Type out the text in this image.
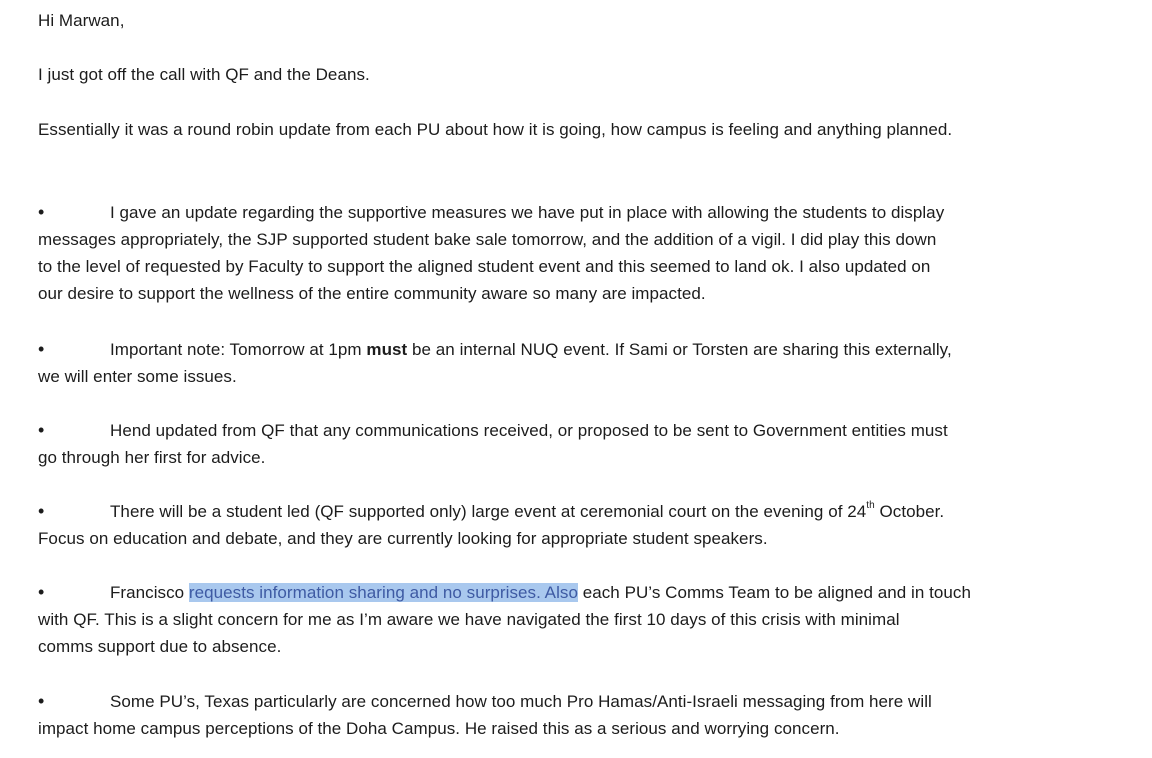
Hi Marwan,
I just got off the call with QF and the Deans.
Essentially it was a round robin update from each PU about how it is going, how campus is feeling and anything planned.
•	I gave an update regarding the supportive measures we have put in place with allowing the students to display
messages appropriately, the SJP supported student bake sale tomorrow, and the addition of a vigil. I did play this down
to the level of requested by Faculty to support the aligned student event and this seemed to land ok. I also updated on
our desire to support the wellness of the entire community aware so many are impacted.
•	Important note: Tomorrow at 1pm must be an internal NUQ event. If Sami or Torsten are sharing this externally,
we will enter some issues.
•	Hend updated from QF that any communications received, or proposed to be sent to Government entities must
go through her first for advice.
•	There will be a student led (QF supported only) large event at ceremonial court on the evening of 24th October.
Focus on education and debate, and they are currently looking for appropriate student speakers.
•	Francisco requests information sharing and no surprises. Also each PU’s Comms Team to be aligned and in touch
with QF. This is a slight concern for me as I’m aware we have navigated the first 10 days of this crisis with minimal
comms support due to absence.
•	Some PU’s, Texas particularly are concerned how too much Pro Hamas/Anti-Israeli messaging from here will
impact home campus perceptions of the Doha Campus. He raised this as a serious and worrying concern.
